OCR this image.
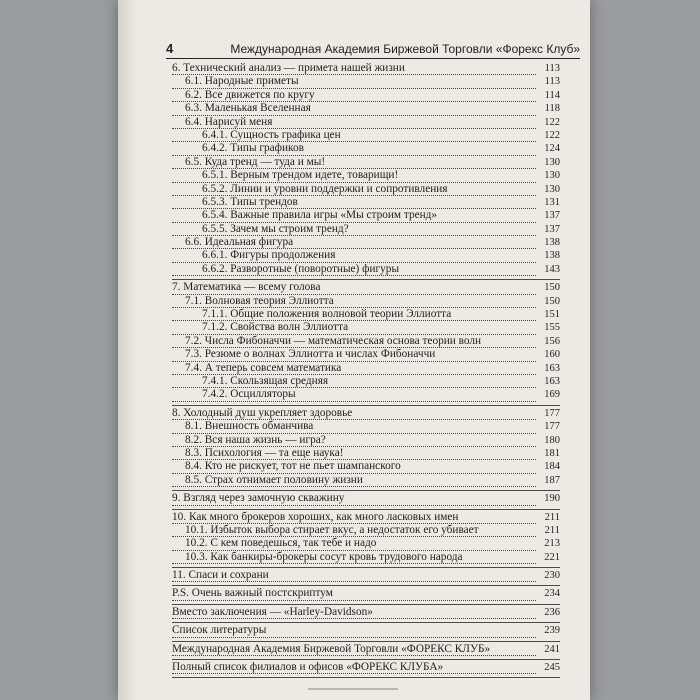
4	Международная Академия Биржевой Торговли «Форекс Клуб»
6. Технический анализ — примета нашей жизни	113
6.1. Народные приметы	113
6.2. Все движется по кругу	114
6.3. Маленькая Вселенная	118
6.4. Нарисуй меня	122
6.4.1. Сущность графика цен	122
6.4.2. Типы графиков	124
6.5. Куда тренд — туда и мы!	130
6.5.1. Верным трендом идете, товарищи!	130
6.5.2. Линии и уровни поддержки и сопротивления	130
6.5.3. Типы трендов	131
6.5.4. Важные правила игры «Мы строим тренд»	137
6.5.5. Зачем мы строим тренд?	137
6.6. Идеальная фигура	138
6.6.1. Фигуры продолжения	138
6.6.2. Разворотные (поворотные) фигуры	143
7. Математика — всему голова	150
7.1. Волновая теория Эллиотта	150
7.1.1. Общие положения волновой теории Эллиотта	151
7.1.2. Свойства волн Эллиотта	155
7.2. Числа Фибоначчи — математическая основа теории волн	156
7.3. Резюме о волнах Эллиотта и числах Фибоначчи	160
7.4. А теперь совсем математика	163
7.4.1. Скользящая средняя	163
7.4.2. Осцилляторы	169
8. Холодный душ укрепляет здоровье	177
8.1. Внешность обманчива	177
8.2. Вся наша жизнь — игра?	180
8.3. Психология — та еще наука!	181
8.4. Кто не рискует, тот не пьет шампанского	184
8.5. Страх отнимает половину жизни	187
9. Взгляд через замочную скважину	190
10. Как много брокеров хороших, как много ласковых имен	211
10.1. Избыток выбора стирает вкус, а недостаток его убивает	211
10.2. С кем поведешься, так тебе и надо	213
10.3. Как банкиры-брокеры сосут кровь трудового народа	221
11. Спаси и сохрани	230
P.S. Очень важный постскриптум	234
Вместо заключения — «Harley-Davidson»	236
Список литературы	239
Международная Академия Биржевой Торговли «ФОРЕКС КЛУБ»	241
Полный список филиалов и офисов «ФОРЕКС КЛУБА»	245
